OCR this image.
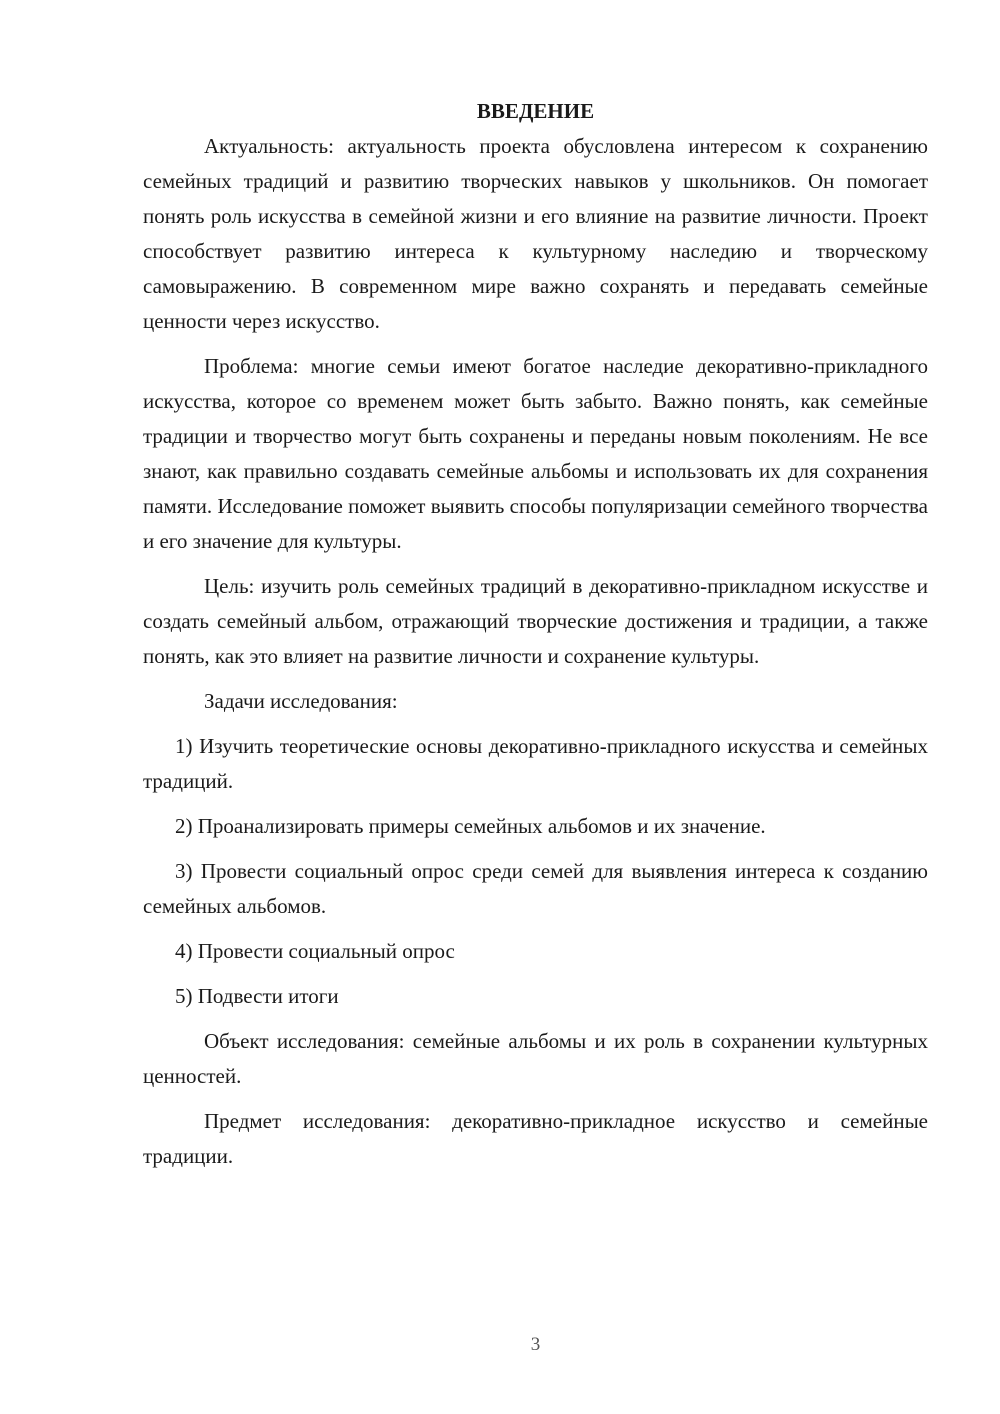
ВВЕДЕНИЕ

Актуальность: актуальность проекта обусловлена интересом к сохранению семейных традиций и развитию творческих навыков у школьников. Он помогает понять роль искусства в семейной жизни и его влияние на развитие личности. Проект способствует развитию интереса к культурному наследию и творческому самовыражению. В современном мире важно сохранять и передавать семейные ценности через искусство.

Проблема: многие семьи имеют богатое наследие декоративно-прикладного искусства, которое со временем может быть забыто. Важно понять, как семейные традиции и творчество могут быть сохранены и переданы новым поколениям. Не все знают, как правильно создавать семейные альбомы и использовать их для сохранения памяти. Исследование поможет выявить способы популяризации семейного творчества и его значение для культуры.

Цель: изучить роль семейных традиций в декоративно-прикладном искусстве и создать семейный альбом, отражающий творческие достижения и традиции, а также понять, как это влияет на развитие личности и сохранение культуры.

Задачи исследования:

1) Изучить теоретические основы декоративно-прикладного искусства и семейных традиций.

2) Проанализировать примеры семейных альбомов и их значение.

3) Провести социальный опрос среди семей для выявления интереса к созданию семейных альбомов.

4) Провести социальный опрос

5) Подвести итоги

Объект исследования: семейные альбомы и их роль в сохранении культурных ценностей.

Предмет исследования: декоративно-прикладное искусство и семейные традиции.

3
